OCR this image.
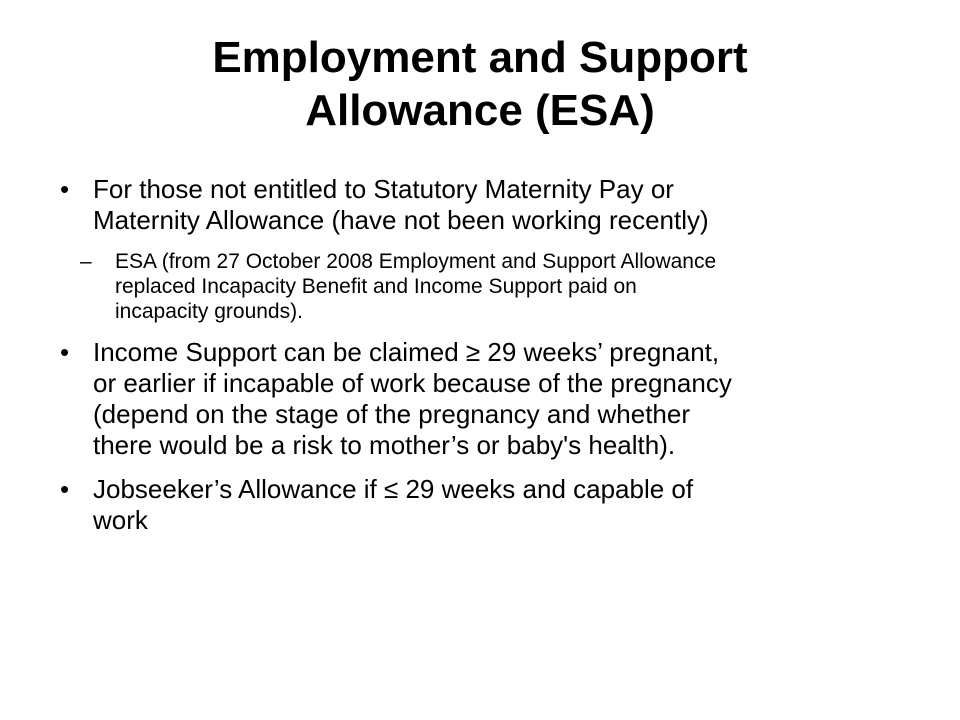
Employment and Support
Allowance (ESA)
• For those not entitled to Statutory Maternity Pay or
Maternity Allowance (have not been working recently)
– ESA (from 27 October 2008 Employment and Support Allowance
replaced Incapacity Benefit and Income Support paid on
incapacity grounds).
• Income Support can be claimed ≥ 29 weeks’ pregnant,
or earlier if incapable of work because of the pregnancy
(depend on the stage of the pregnancy and whether
there would be a risk to mother’s or baby's health).
• Jobseeker’s Allowance if ≤ 29 weeks and capable of
work
